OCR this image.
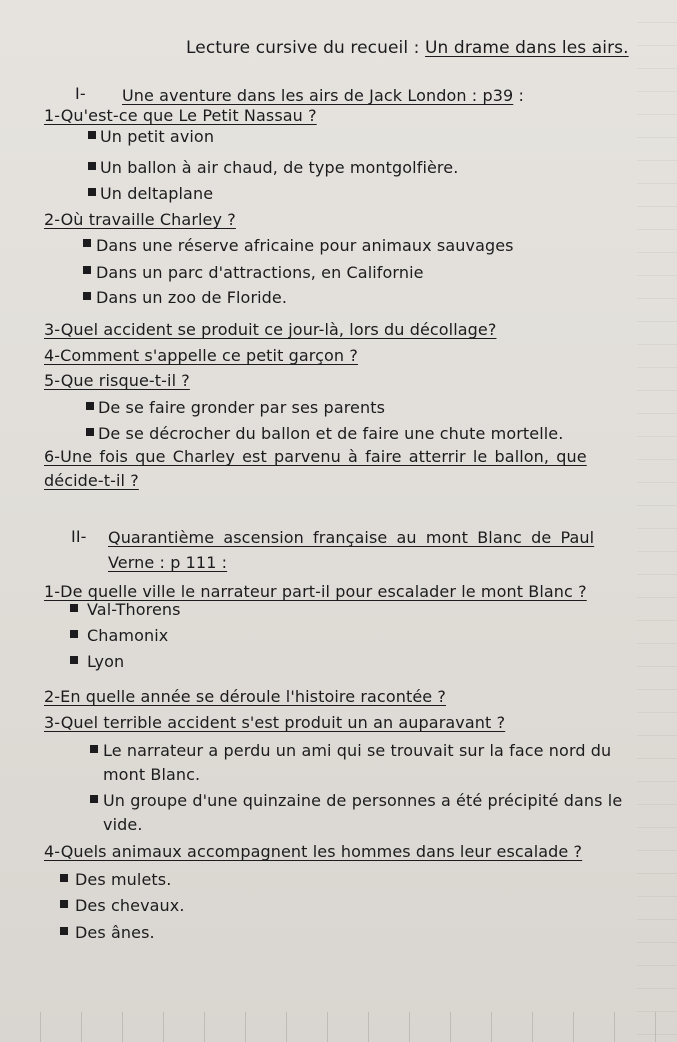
Lecture cursive du recueil : Un drame dans les airs.
I- Une aventure dans les airs de Jack London : p39 :
1-Qu'est-ce que Le Petit Nassau ?
Un petit avion
Un ballon à air chaud, de type montgolfière.
Un deltaplane
2-Où travaille Charley ?
Dans une réserve africaine pour animaux sauvages
Dans un parc d'attractions, en Californie
Dans un zoo de Floride.
3-Quel accident se produit ce jour-là, lors du décollage?
4-Comment s'appelle ce petit garçon ?
5-Que risque-t-il ?
De se faire gronder par ses parents
De se décrocher du ballon et de faire une chute mortelle.
6-Une fois que Charley est parvenu à faire atterrir le ballon, que
décide-t-il ?
II- Quarantième ascension française au mont Blanc de Paul
Verne : p 111 :
1-De quelle ville le narrateur part-il pour escalader le mont Blanc ?
Val-Thorens
Chamonix
Lyon
2-En quelle année se déroule l'histoire racontée ?
3-Quel terrible accident s'est produit un an auparavant ?
Le narrateur a perdu un ami qui se trouvait sur la face nord du
mont Blanc.
Un groupe d'une quinzaine de personnes a été précipité dans le
vide.
4-Quels animaux accompagnent les hommes dans leur escalade ?
Des mulets.
Des chevaux.
Des ânes.
